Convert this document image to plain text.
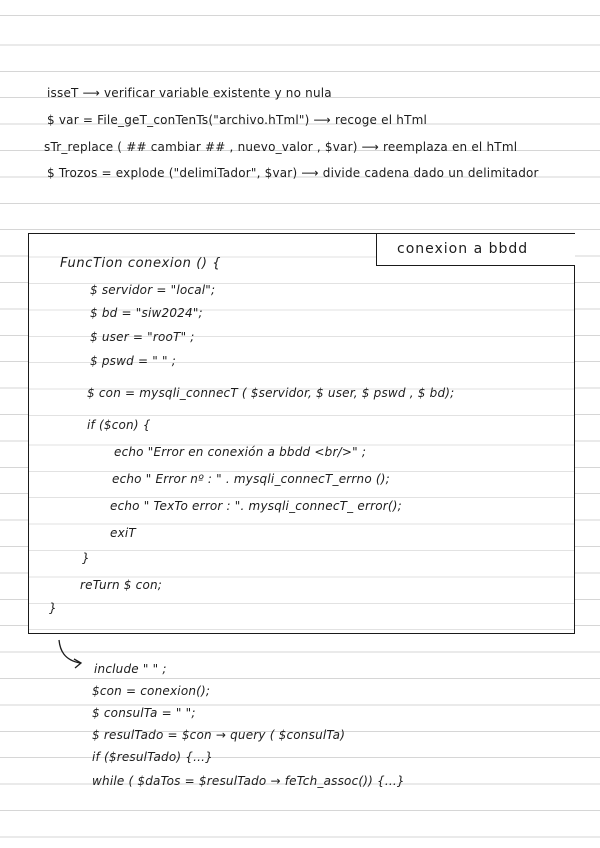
isseT ⟶ verificar variable existente y no nula
$ var = File_geT_conTenTs("archivo.hTml") ⟶ recoge el hTml
sTr_replace ( ## cambiar ## , nuevo_valor , $var) ⟶ reemplaza en el hTml
$ Trozos = explode ("delimiTador", $var) ⟶ divide cadena dado un delimitador
conexion a bbdd
FuncTion conexion () {
$ servidor = "local";
$ bd = "siw2024";
$ user = "rooT" ;
$ pswd = " " ;
$ con = mysqli_connecT ( $servidor, $ user, $ pswd , $ bd);
if ($con) {
echo "Error en conexión a bbdd <br/>" ;
echo " Error nº : " . mysqli_connecT_errno ();
echo " TexTo error : ". mysqli_connecT_ error();
exiT
}
reTurn $ con;
}
include " " ;
$con = conexion();
$ consulTa = " ";
$ resulTado = $con → query ( $consulTa)
if ($resulTado) {...}
while ( $daTos = $resulTado → feTch_assoc()) {...}
